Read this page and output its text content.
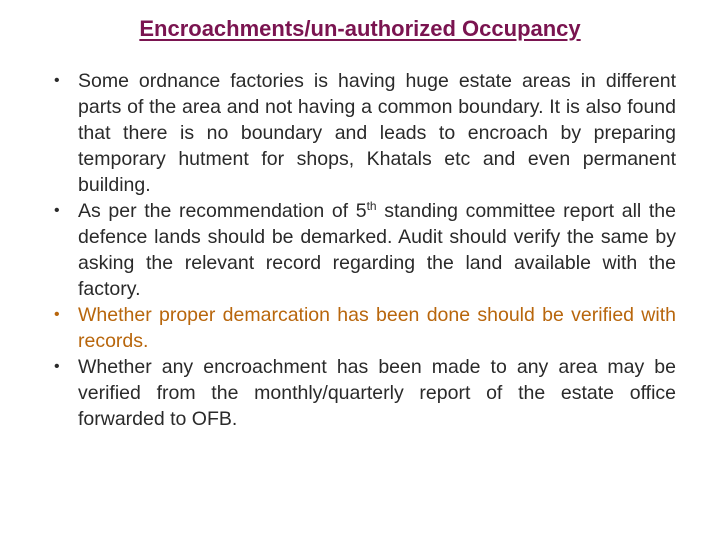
Encroachments/un-authorized Occupancy
• Some ordnance factories is having huge estate areas in different parts of the area and not having a common boundary. It is also found that there is no boundary and leads to encroach by preparing temporary hutment for shops, Khatals etc and even permanent building.
• As per the recommendation of 5th standing committee report all the defence lands should be demarked. Audit should verify the same by asking the relevant record regarding the land available with the factory.
• Whether proper demarcation has been done should be verified with records.
• Whether any encroachment has been made to any area may be verified from the monthly/quarterly report of the estate office forwarded to OFB.
